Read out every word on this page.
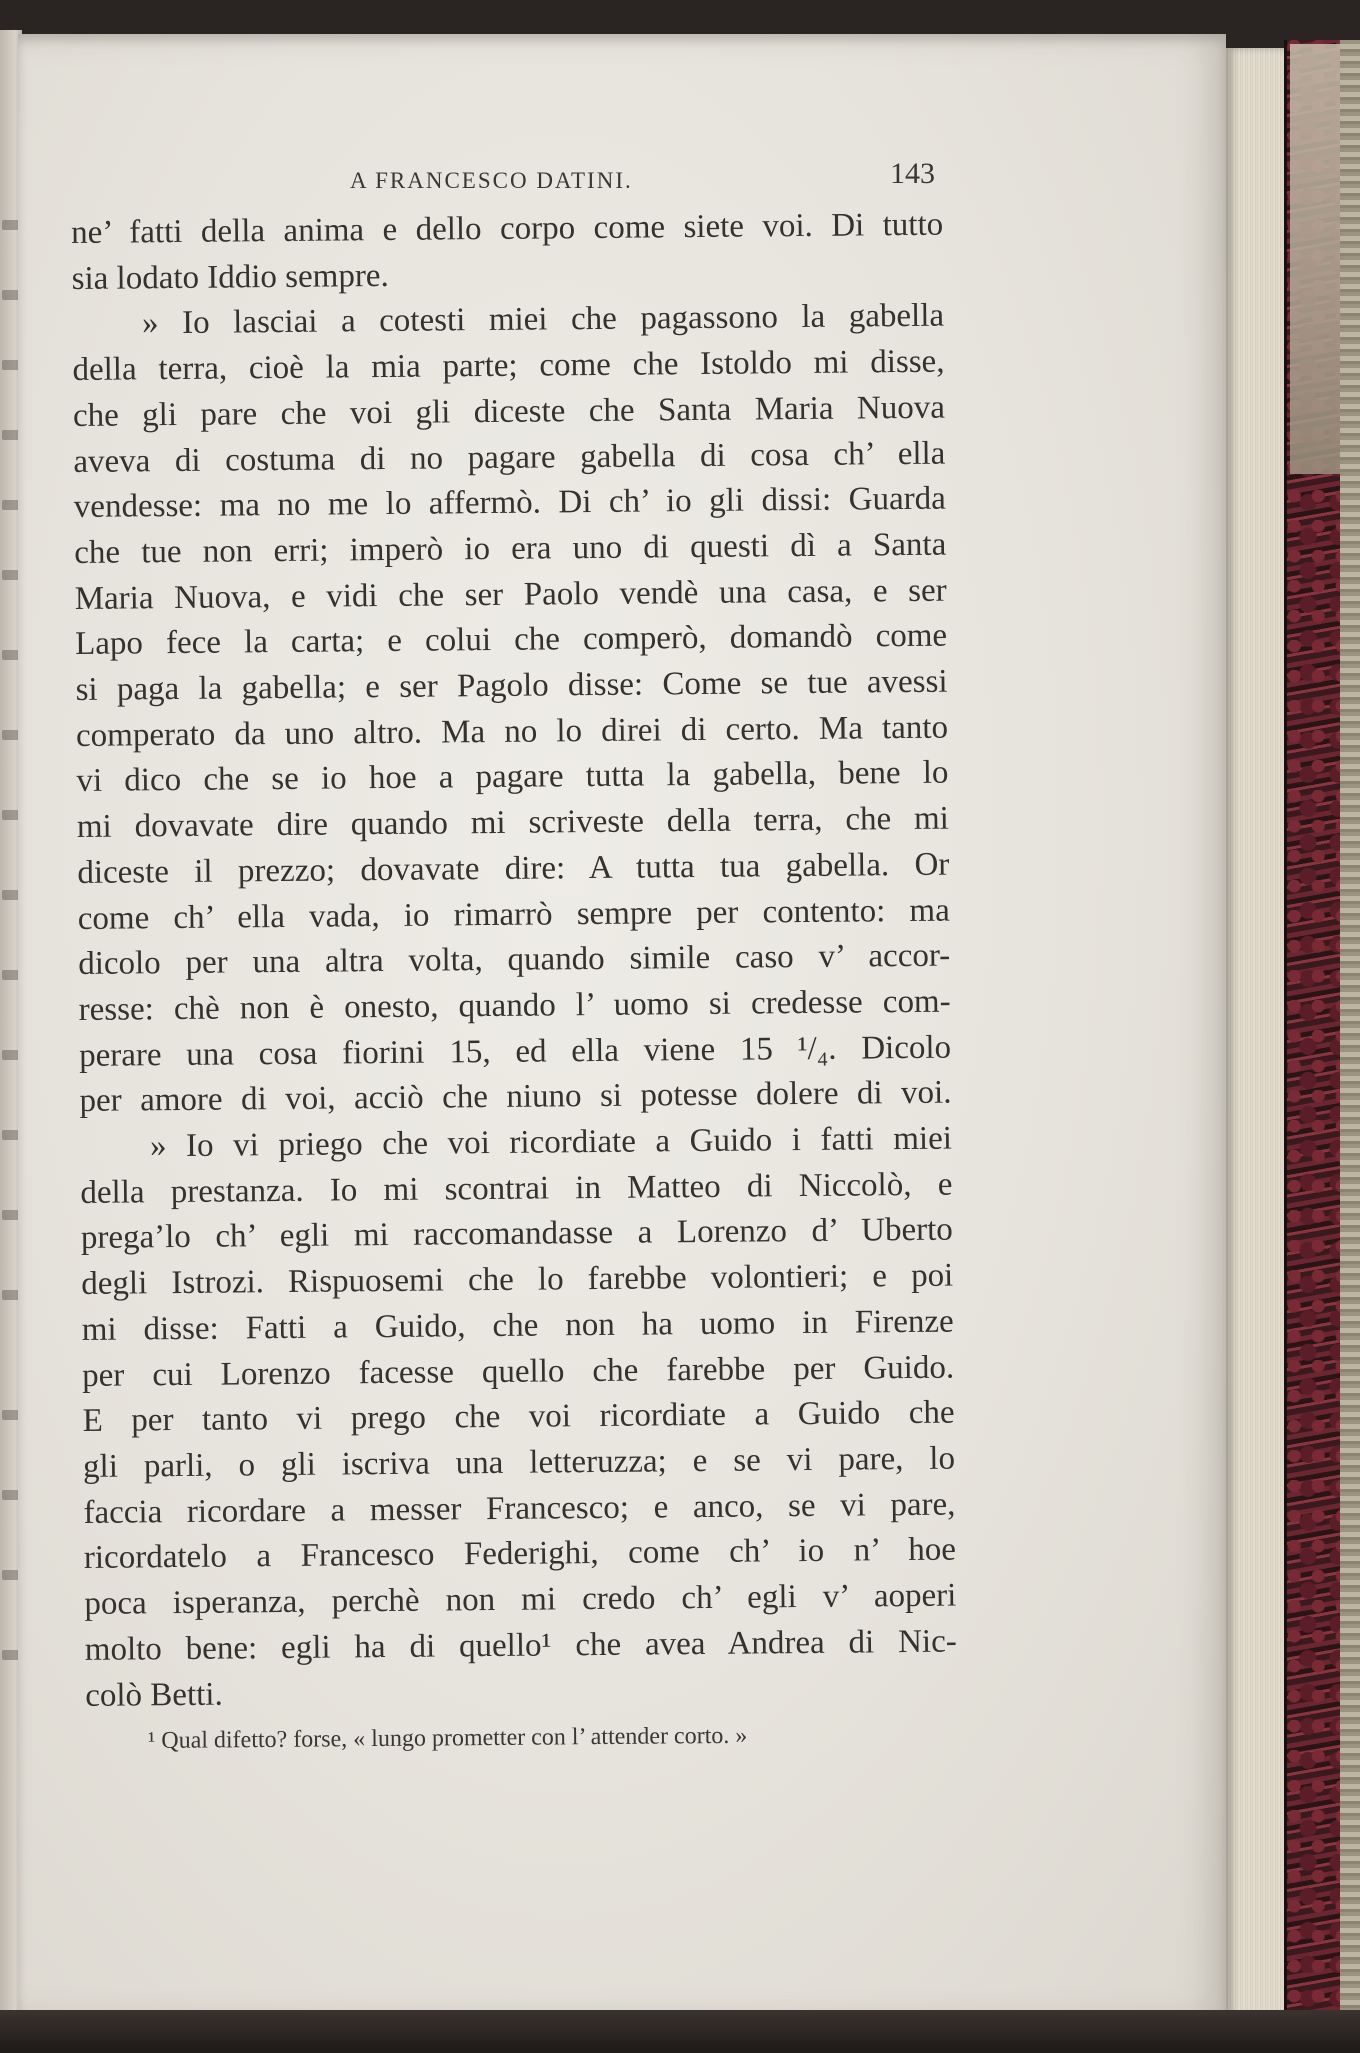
A FRANCESCO DATINI.	143
ne’ fatti della anima e dello corpo come siete voi. Di tutto
sia lodato Iddio sempre.
» Io lasciai a cotesti miei che pagassono la gabella
della terra, cioè la mia parte; come che Istoldo mi disse,
che gli pare che voi gli diceste che Santa Maria Nuova
aveva di costuma di no pagare gabella di cosa ch’ ella
vendesse: ma no me lo affermò. Di ch’ io gli dissi: Guarda
che tue non erri; imperò io era uno di questi dì a Santa
Maria Nuova, e vidi che ser Paolo vendè una casa, e ser
Lapo fece la carta; e colui che comperò, domandò come
si paga la gabella; e ser Pagolo disse: Come se tue avessi
comperato da uno altro. Ma no lo direi di certo. Ma tanto
vi dico che se io hoe a pagare tutta la gabella, bene lo
mi dovavate dire quando mi scriveste della terra, che mi
diceste il prezzo; dovavate dire: A tutta tua gabella. Or
come ch’ ella vada, io rimarrò sempre per contento: ma
dicolo per una altra volta, quando simile caso v’ accor-
resse: chè non è onesto, quando l’ uomo si credesse com-
perare una cosa fiorini 15, ed ella viene 15 ¹/₄. Dicolo
per amore di voi, acciò che niuno si potesse dolere di voi.
» Io vi priego che voi ricordiate a Guido i fatti miei
della prestanza. Io mi scontrai in Matteo di Niccolò, e
prega’lo ch’ egli mi raccomandasse a Lorenzo d’ Uberto
degli Istrozi. Rispuosemi che lo farebbe volontieri; e poi
mi disse: Fatti a Guido, che non ha uomo in Firenze
per cui Lorenzo facesse quello che farebbe per Guido.
E per tanto vi prego che voi ricordiate a Guido che
gli parli, o gli iscriva una letteruzza; e se vi pare, lo
faccia ricordare a messer Francesco; e anco, se vi pare,
ricordatelo a Francesco Federighi, come ch’ io n’ hoe
poca isperanza, perchè non mi credo ch’ egli v’ aoperi
molto bene: egli ha di quello¹ che avea Andrea di Nic-
colò Betti.
¹ Qual difetto? forse, « lungo prometter con l’ attender corto. »
